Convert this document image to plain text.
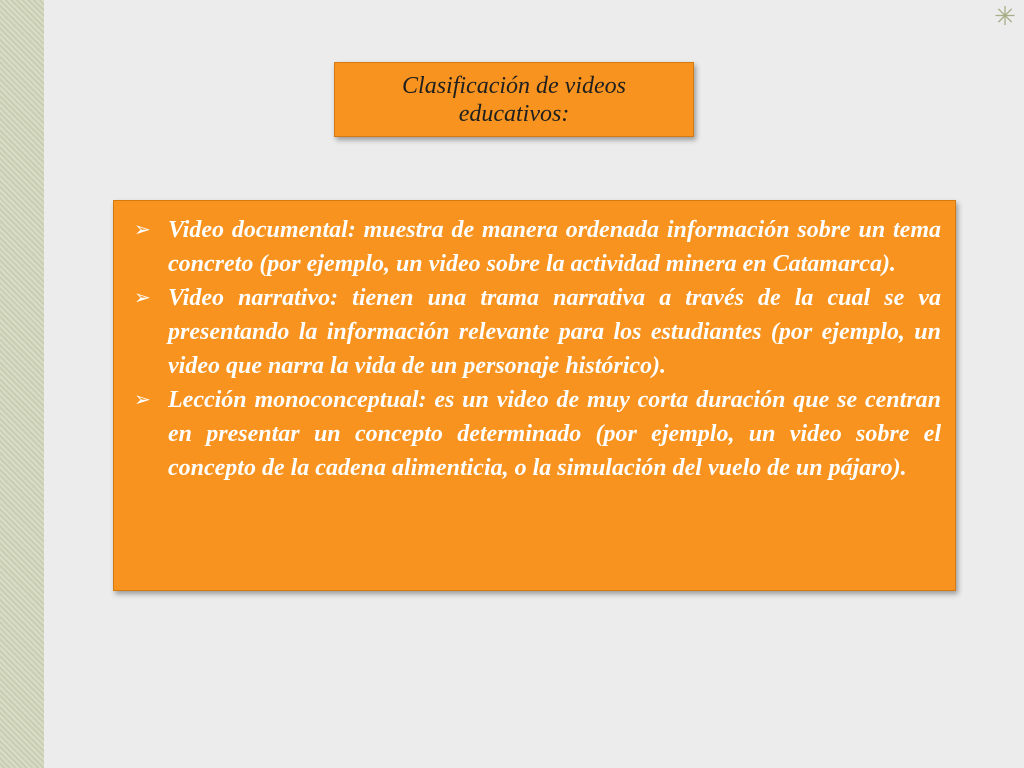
✳

Clasificación de videos educativos:

➢ Video documental: muestra de manera ordenada información sobre un tema concreto (por ejemplo, un video sobre la actividad minera en Catamarca).
➢ Video narrativo: tienen una trama narrativa a través de la cual se va presentando la información relevante para los estudiantes (por ejemplo, un video que narra la vida de un personaje histórico).
➢ Lección monoconceptual: es un video de muy corta duración que se centran en presentar un concepto determinado (por ejemplo, un video sobre el concepto de la cadena alimenticia, o la simulación del vuelo de un pájaro).
